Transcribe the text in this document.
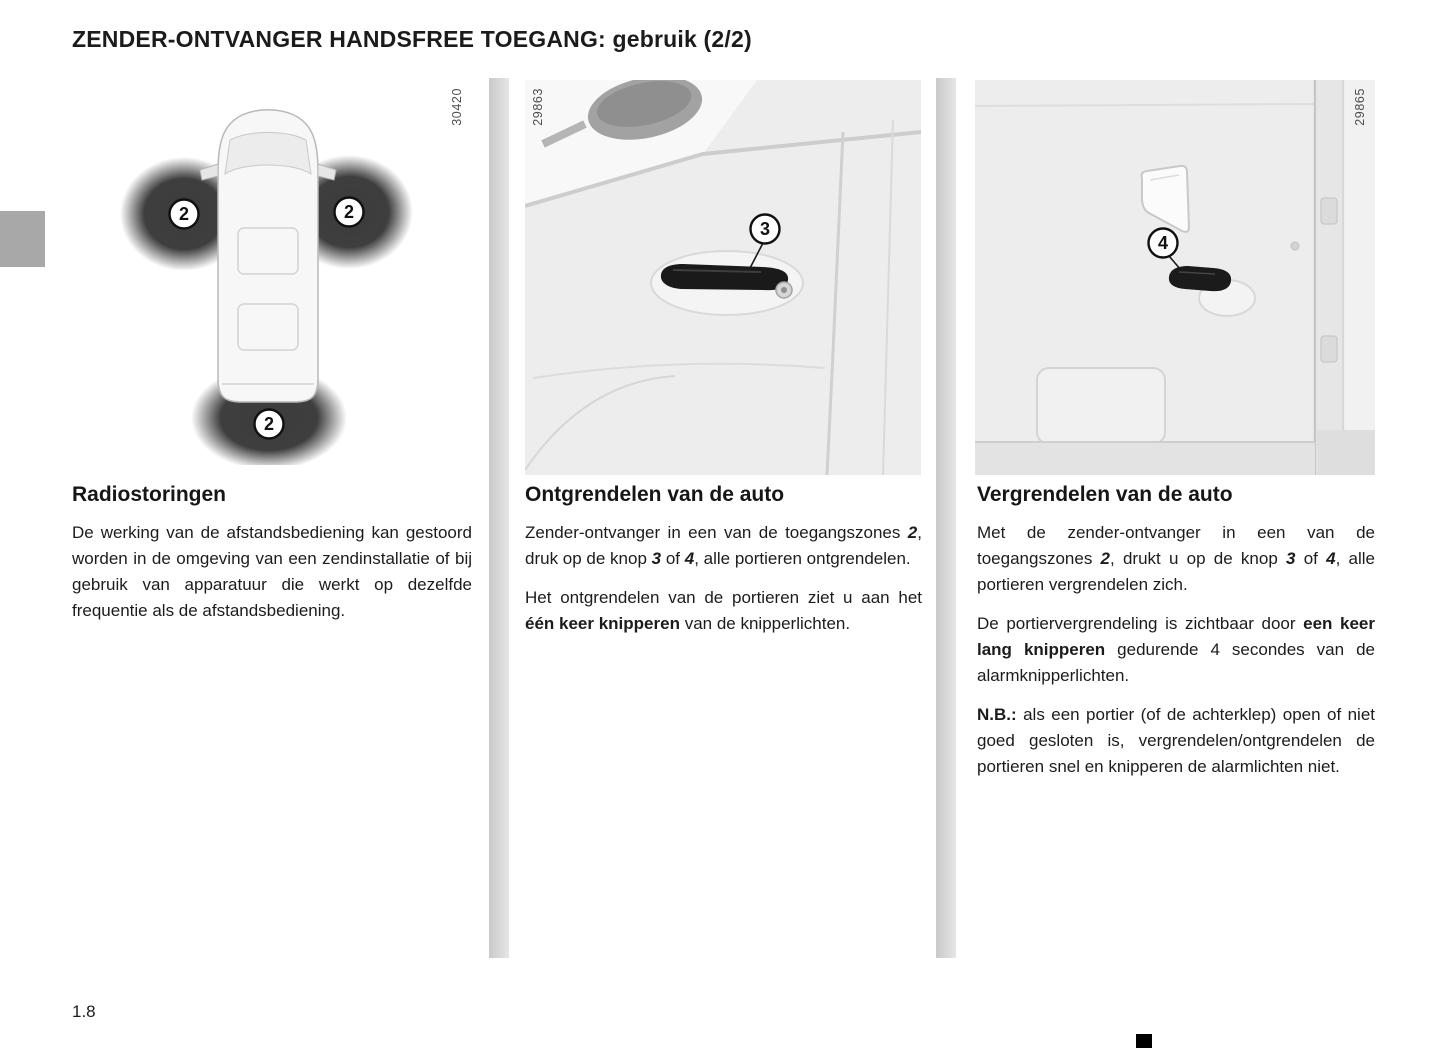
ZENDER-ONTVANGER HANDSFREE TOEGANG: gebruik (2/2)
2	2
2
30420
3
29863
4
29865
Radiostoringen

De werking van de afstandsbediening kan gestoord worden in de omgeving van een zendinstallatie of bij gebruik van apparatuur die werkt op dezelfde frequentie als de afstandsbediening.

Ontgrendelen van de auto

Zender-ontvanger in een van de toegangszones 2, druk op de knop 3 of 4, alle portieren ontgrendelen.

Het ontgrendelen van de portieren ziet u aan het één keer knipperen van de knipperlichten.

Vergrendelen van de auto

Met de zender-ontvanger in een van de toegangszones 2, drukt u op de knop 3 of 4, alle portieren vergrendelen zich.

De portiervergrendeling is zichtbaar door een keer lang knipperen gedurende 4 secondes van de alarmknipperlichten.

N.B.: als een portier (of de achterklep) open of niet goed gesloten is, vergrendelen/ontgrendelen de portieren snel en knipperen de alarmlichten niet.

1.8
